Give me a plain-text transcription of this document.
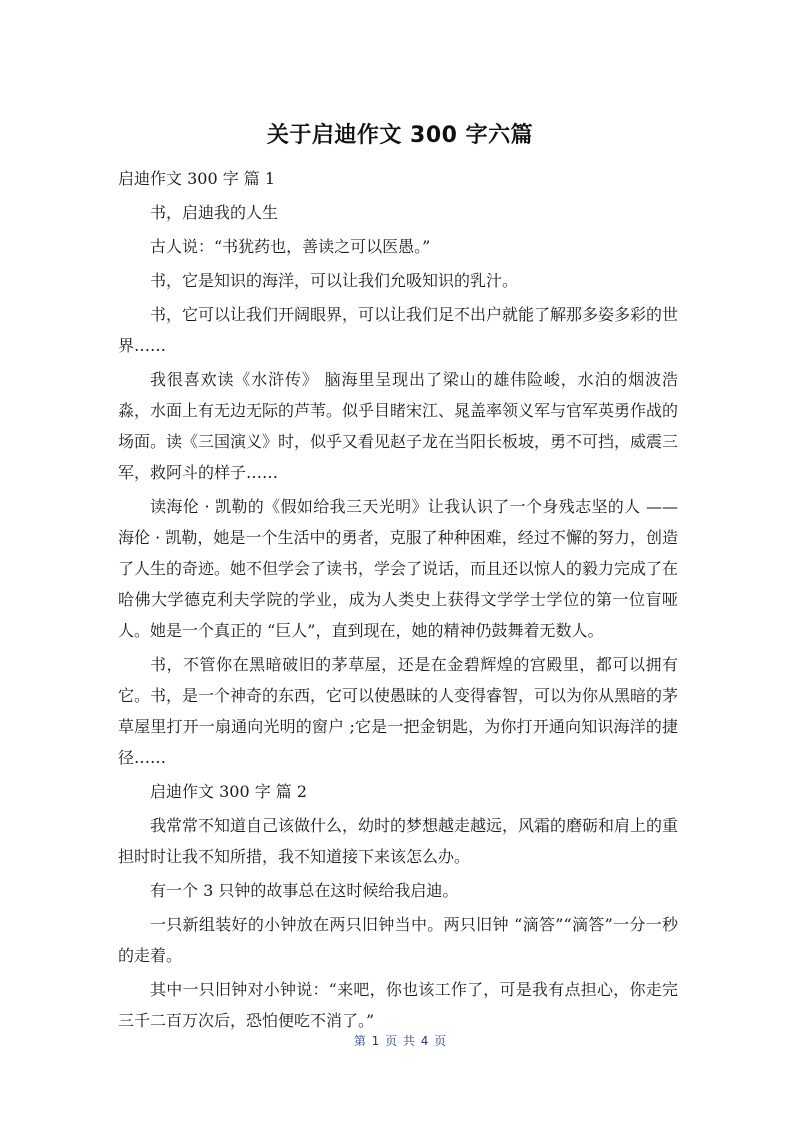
关于启迪作文 300 字六篇

启迪作文 300 字 篇 1

书，启迪我的人生

古人说：“书犹药也，善读之可以医愚。”

书，它是知识的海洋，可以让我们允吸知识的乳汁。

书，它可以让我们开阔眼界，可以让我们足不出户就能了解那多姿多彩的世界……

我很喜欢读《水浒传》 脑海里呈现出了梁山的雄伟险峻，水泊的烟波浩淼，水面上有无边无际的芦苇。似乎目睹宋江、晁盖率领义军与官军英勇作战的场面。读《三国演义》时，似乎又看见赵子龙在当阳长板坡，勇不可挡，威震三军，救阿斗的样子……

读海伦 · 凯勒的《假如给我三天光明》让我认识了一个身残志坚的人 ——海伦 · 凯勒，她是一个生活中的勇者，克服了种种困难，经过不懈的努力，创造了人生的奇迹。她不但学会了读书，学会了说话，而且还以惊人的毅力完成了在哈佛大学德克利夫学院的学业，成为人类史上获得文学学士学位的第一位盲哑人。她是一个真正的 “巨人”，直到现在，她的精神仍鼓舞着无数人。

书，不管你在黑暗破旧的茅草屋，还是在金碧辉煌的宫殿里，都可以拥有它。书，是一个神奇的东西，它可以使愚昧的人变得睿智，可以为你从黑暗的茅草屋里打开一扇通向光明的窗户 ;它是一把金钥匙，为你打开通向知识海洋的捷径……

启迪作文 300 字 篇 2

我常常不知道自己该做什么，幼时的梦想越走越远，风霜的磨砺和肩上的重担时时让我不知所措，我不知道接下来该怎么办。

有一个 3 只钟的故事总在这时候给我启迪。

一只新组装好的小钟放在两只旧钟当中。两只旧钟 “滴答”“滴答”一分一秒的走着。

其中一只旧钟对小钟说：“来吧，你也该工作了，可是我有点担心，你走完三千二百万次后，恐怕便吃不消了。”

第 1 页 共 4 页
